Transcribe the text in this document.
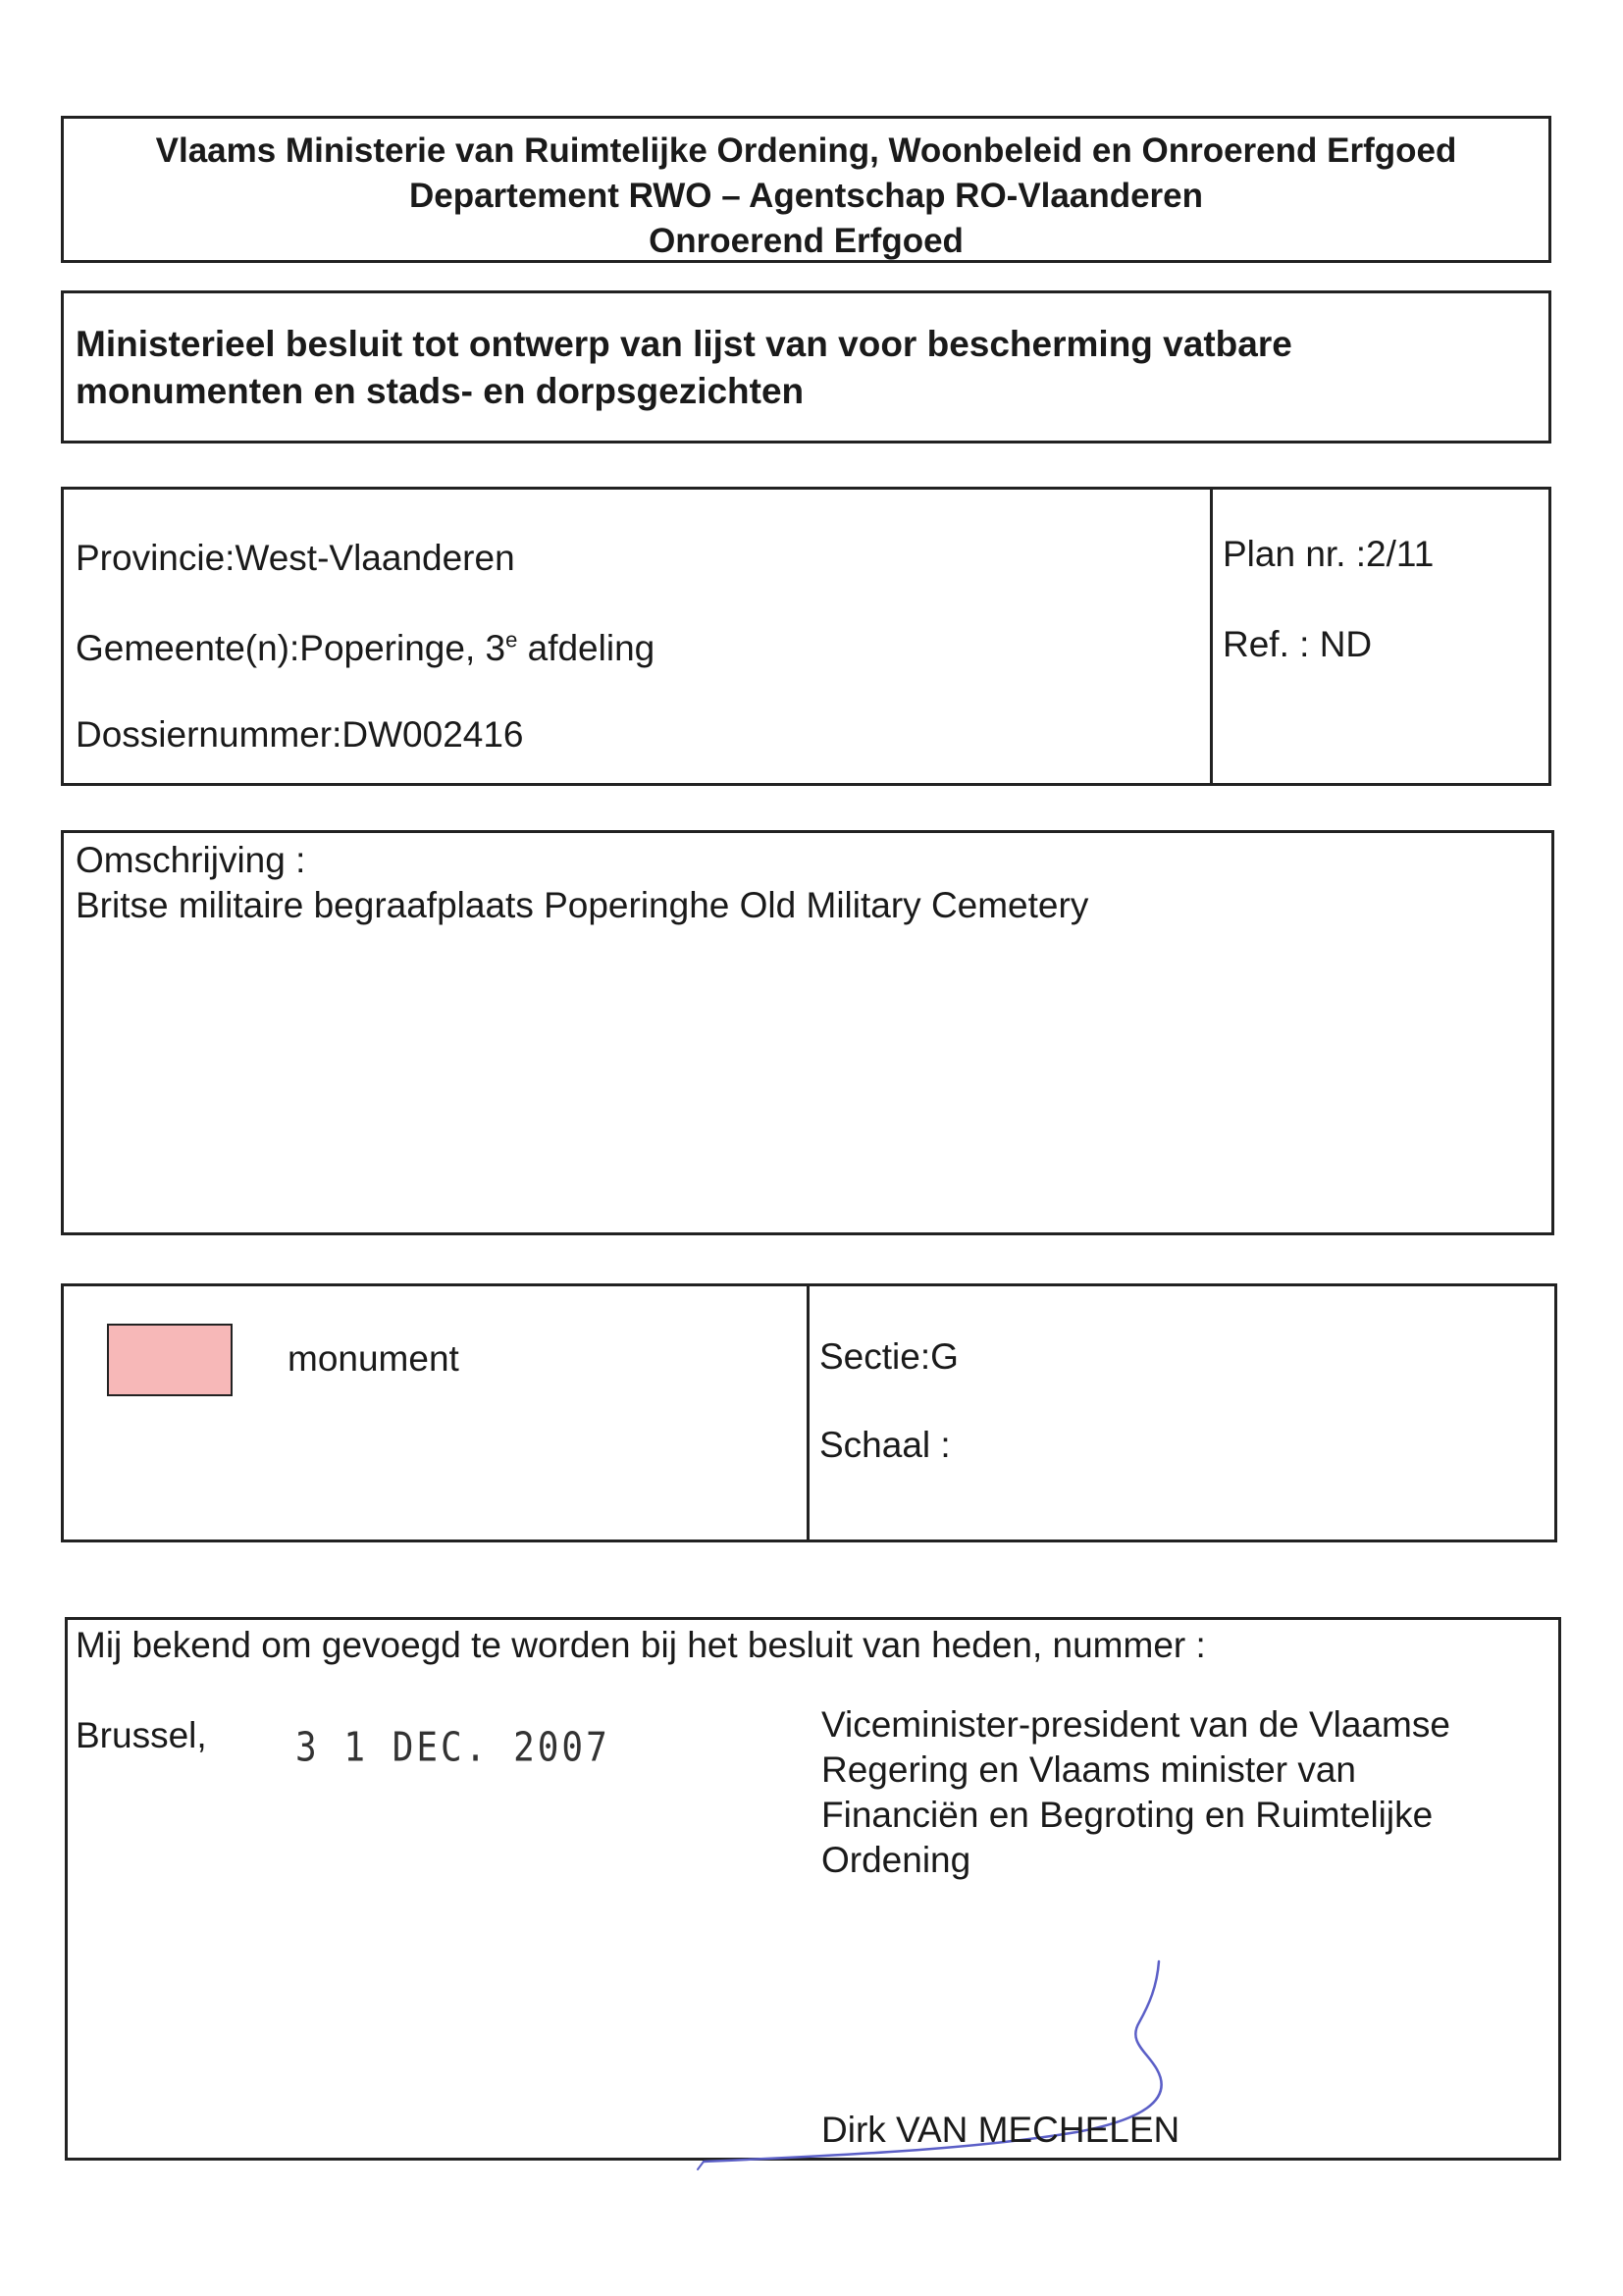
Vlaams Ministerie van Ruimtelijke Ordening, Woonbeleid en Onroerend Erfgoed
Departement RWO – Agentschap RO-Vlaanderen
Onroerend Erfgoed
Ministerieel besluit tot ontwerp van lijst van voor bescherming vatbare
monumenten en stads- en dorpsgezichten
Provincie:West-Vlaanderen
Gemeente(n):Poperinge, 3e afdeling
Dossiernummer:DW002416
Plan nr. :2/11
Ref. : ND
Omschrijving :
Britse militaire begraafplaats Poperinghe Old Military Cemetery
monument	Sectie:G
Schaal :
Mij bekend om gevoegd te worden bij het besluit van heden, nummer :
Brussel,	3 1 DEC. 2007
Viceminister-president van de Vlaamse
Regering en Vlaams minister van
Financiën en Begroting en Ruimtelijke
Ordening
Dirk VAN MECHELEN
